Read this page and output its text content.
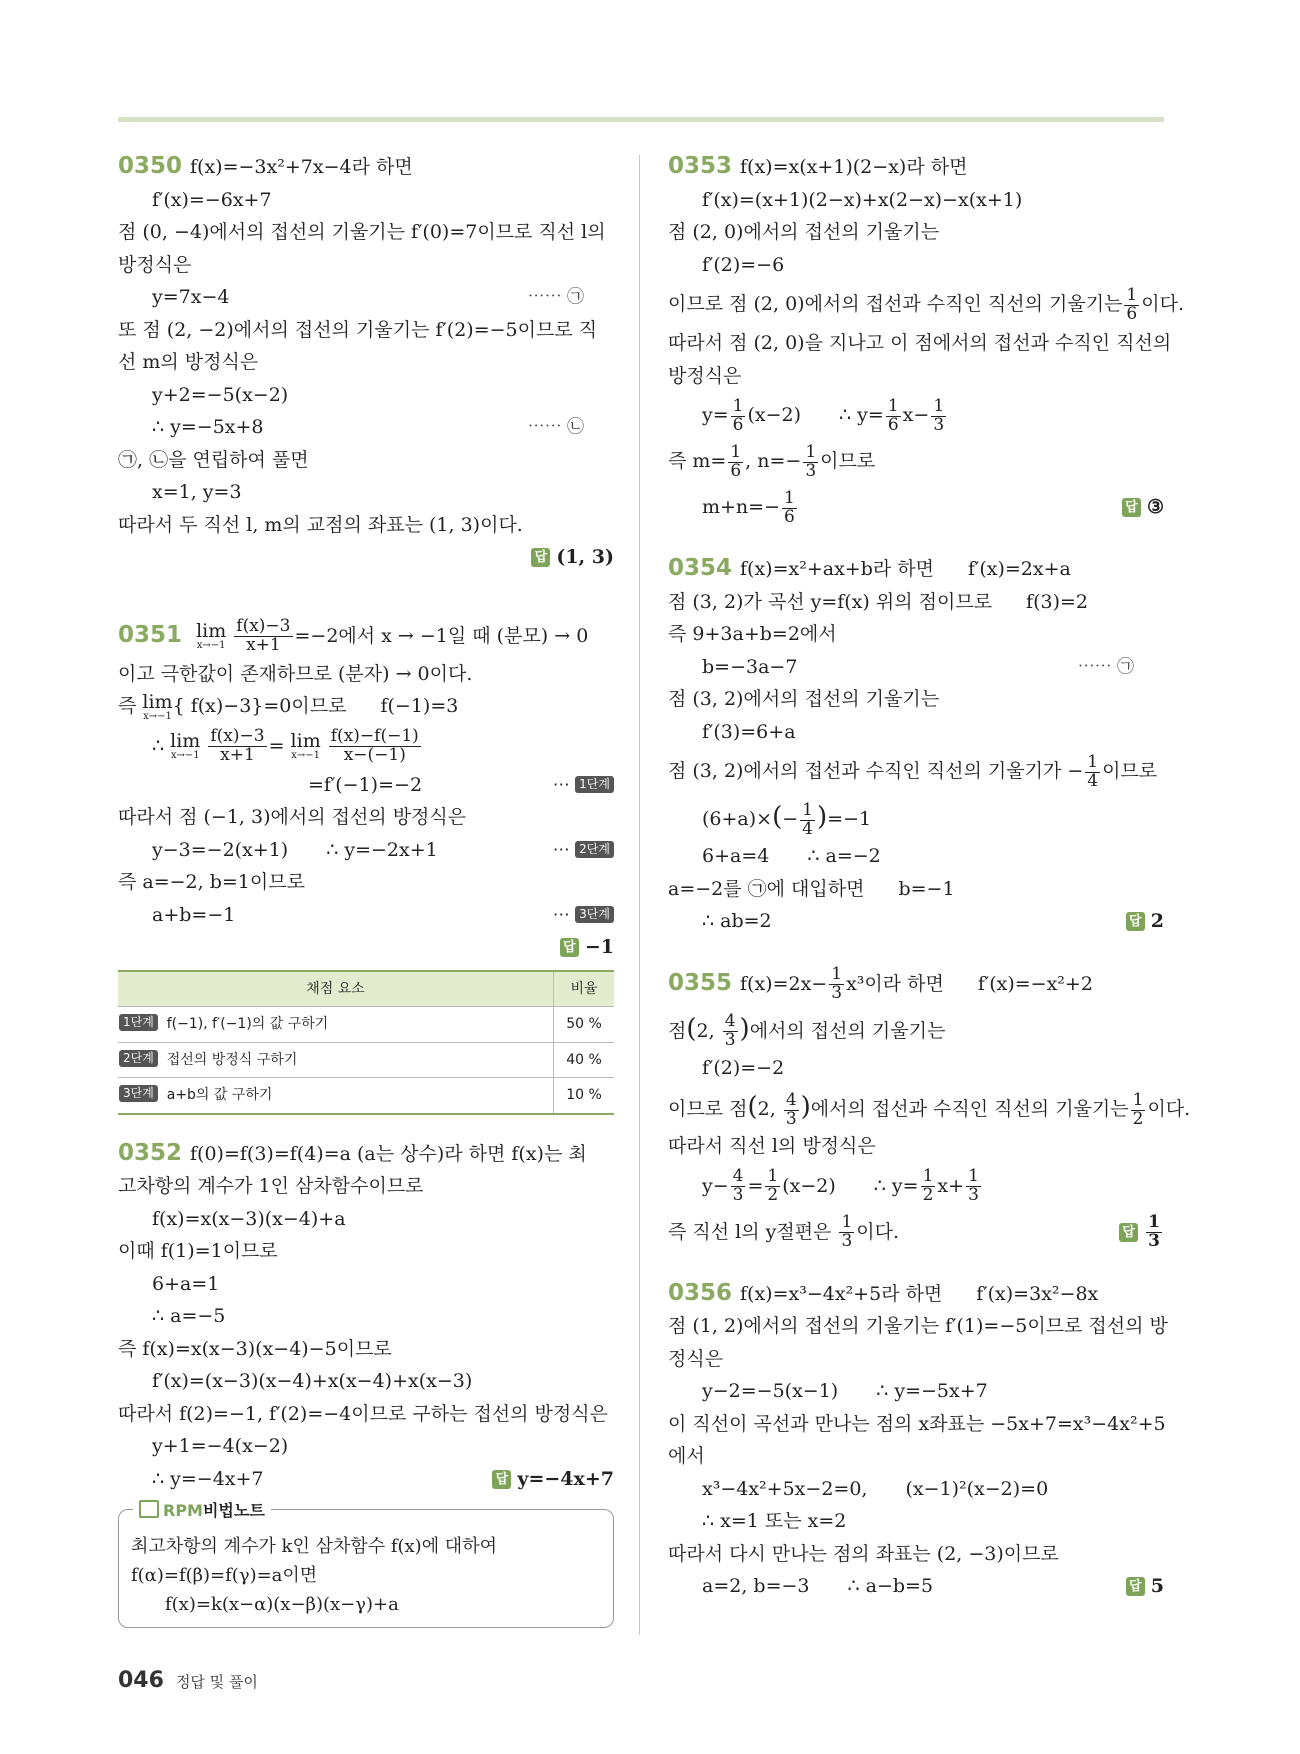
0350 f(x)=−3x²+7x−4라 하면
f′(x)=−6x+7
점 (0, −4)에서의 접선의 기울기는 f′(0)=7이므로 직선 l의
방정식은
y=7x−4	⋯⋯ ㉠
또 점 (2, −2)에서의 접선의 기울기는 f′(2)=−5이므로 직
선 m의 방정식은
y+2=−5(x−2)
∴ y=−5x+8	⋯⋯ ㉡
㉠, ㉡을 연립하여 풀면
x=1, y=3
따라서 두 직선 l, m의 교점의 좌표는 (1, 3)이다.
답 (1, 3)
0351 lim
x→−1
$\frac{f(x)-3}{x+1} =-2$에서 x → −1일 때 (분모) → 0
이고 극한값이 존재하므로 (분자) → 0이다.
즉 lim
x→−1 { f(x)−3}=0이므로 f(−1)=3
∴ lim
x→−1
$\frac{f(x)-3}{x+1} = \lim$
x→−1
$\frac{f(x)-f(-1)}{x-(-1)}$
=f′(−1)=−2	⋯ 1단계
따라서 점 (−1, 3)에서의 접선의 방정식은
y−3=−2(x+1) ∴ y=−2x+1	⋯ 2단계
즉 a=−2, b=1이므로
a+b=−1	⋯ 3단계
답 −1
채점 요소	비율
1단계 f(−1), f′(−1)의 값 구하기	50 %
2단계 접선의 방정식 구하기	40 %
3단계 a+b의 값 구하기	10 %
0352 f(0)=f(3)=f(4)=a (a는 상수)라 하면 f(x)는 최
고차항의 계수가 1인 삼차함수이므로
f(x)=x(x−3)(x−4)+a
이때 f(1)=1이므로
6+a=1
∴ a=−5
즉 f(x)=x(x−3)(x−4)−5이므로
f′(x)=(x−3)(x−4)+x(x−4)+x(x−3)
따라서 f(2)=−1, f′(2)=−4이므로 구하는 접선의 방정식은
y+1=−4(x−2)
∴ y=−4x+7	답 y=−4x+7
RPM비법노트
최고차항의 계수가 k인 삼차함수 f(x)에 대하여
f(α)=f(β)=f(γ)=a이면
f(x)=k(x−α)(x−β)(x−γ)+a
0353 f(x)=x(x+1)(2−x)라 하면
f′(x)=(x+1)(2−x)+x(2−x)−x(x+1)
점 (2, 0)에서의 접선의 기울기는
f′(2)=−6
이므로 점 (2, 0)에서의 접선과 수직인 직선의 기울기는 $\frac{1}{6}$ 이다.
따라서 점 (2, 0)을 지나고 이 점에서의 접선과 수직인 직선의
방정식은
$y= \frac{1}{6} (x-2)$ ∴ $y= \frac{1}{6} x- \frac{1}{3}$
즉 $m= \frac{1}{6}$ , $n=- \frac{1}{3}$ 이므로
$m+n=- \frac{1}{6}$	답 ③
0354 f(x)=x²+ax+b라 하면 f′(x)=2x+a
점 (3, 2)가 곡선 y=f(x) 위의 점이므로 f(3)=2
즉 9+3a+b=2에서
b=−3a−7	⋯⋯ ㉠
점 (3, 2)에서의 접선의 기울기는
f′(3)=6+a
점 (3, 2)에서의 접선과 수직인 직선의 기울기가 − $\frac{1}{4}$ 이므로
$(6+a)\times(- \frac{1}{4} )=-1$
6+a=4 ∴ a=−2
a=−2를 ㉠에 대입하면 b=−1
∴ ab=2	답 2
0355 $f(x)=2x- \frac{1}{3} x^3$이라 하면 f′(x)=−x²+2
점(2, $\frac{4}{3}$ )에서의 접선의 기울기는
f′(2)=−2
이므로 점(2, $\frac{4}{3}$ )에서의 접선과 수직인 직선의 기울기는 $\frac{1}{2}$ 이다.
따라서 직선 l의 방정식은
$y- \frac{4}{3} = \frac{1}{2} (x-2)$ ∴ $y= \frac{1}{2} x+ \frac{1}{3}$
즉 직선 l의 y절편은 $\frac{1}{3}$ 이다.	답 $\frac{1}{3}$
0356 f(x)=x³−4x²+5라 하면 f′(x)=3x²−8x
점 (1, 2)에서의 접선의 기울기는 f′(1)=−5이므로 접선의 방
정식은
y−2=−5(x−1) ∴ y=−5x+7
이 직선이 곡선과 만나는 점의 x좌표는 −5x+7=x³−4x²+5
에서
x³−4x²+5x−2=0, (x−1)²(x−2)=0
∴ x=1 또는 x=2
따라서 다시 만나는 점의 좌표는 (2, −3)이므로
a=2, b=−3 ∴ a−b=5	답 5
046 정답 및 풀이
